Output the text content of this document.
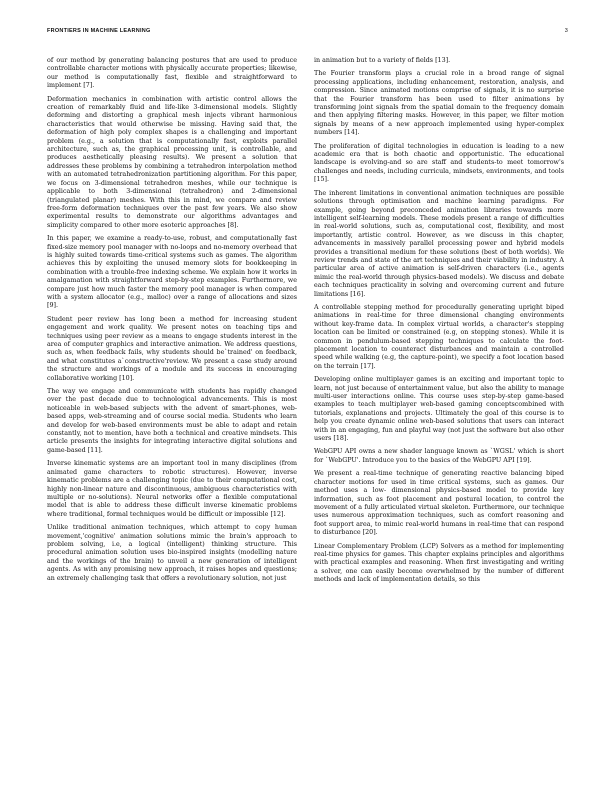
FRONTIERS IN MACHINE LEARNING	3

of our method by generating balancing postures that are used to produce controllable character motions with physically accurate properties; likewise, our method is computationally fast, flexible and straightforward to implement [7].

Deformation mechanics in combination with artistic control allows the creation of remarkably fluid and life-like 3-dimensional models. Slightly deforming and distorting a graphical mesh injects vibrant harmonious characteristics that would otherwise be missing. Having said that, the deformation of high poly complex shapes is a challenging and important problem (e.g., a solution that is computationally fast, exploits parallel architecture, such as, the graphical processing unit, is controllable, and produces aesthetically pleasing results). We present a solution that addresses these problems by combining a tetrahedron interpolation method with an automated tetrahedronization partitioning algorithm. For this paper, we focus on 3-dimensional tetrahedron meshes, while our technique is applicable to both 3-dimensional (tetrahedron) and 2-dimensional (triangulated planar) meshes. With this in mind, we compare and review free-form deformation techniques over the past few years. We also show experimental results to demonstrate our algorithms advantages and simplicity compared to other more esoteric approaches [8].

In this paper, we examine a ready-to-use, robust, and computationally fast fixed-size memory pool manager with no-loops and no-memory overhead that is highly suited towards time-critical systems such as games. The algorithm achieves this by exploiting the unused memory slots for bookkeeping in combination with a trouble-free indexing scheme. We explain how it works in amalgamation with straightforward step-by-step examples. Furthermore, we compare just how much faster the memory pool manager is when compared with a system allocator (e.g., malloc) over a range of allocations and sizes [9].

Student peer review has long been a method for increasing student engagement and work quality. We present notes on teaching tips and techniques using peer review as a means to engage students interest in the area of computer graphics and interactive animation. We address questions, such as, when feedback fails, why students should be`trained' on feedback, and what constitutes a`constructive'review. We present a case study around the structure and workings of a module and its success in encouraging collaborative working [10].

The way we engage and communicate with students has rapidly changed over the past decade due to technological advancements. This is most noticeable in web-based subjects with the advent of smart-phones, web-based apps, web-streaming and of course social media. Students who learn and develop for web-based environments must be able to adapt and retain constantly, not to mention, have both a technical and creative mindsets. This article presents the insights for integrating interactive digital solutions and game-based [11].

Inverse kinematic systems are an important tool in many disciplines (from animated game characters to robotic structures). However, inverse kinematic problems are a challenging topic (due to their computational cost, highly non-linear nature and discontinuous, ambiguous characteristics with multiple or no-solutions). Neural networks offer a flexible computational model that is able to address these difficult inverse kinematic problems where traditional, formal techniques would be difficult or impossible [12].

Unlike traditional animation techniques, which attempt to copy human movement,'cognitive' animation solutions mimic the brain's approach to problem solving, i.e, a logical (intelligent) thinking structure. This procedural animation solution uses bio-inspired insights (modelling nature and the workings of the brain) to unveil a new generation of intelligent agents. As with any promising new approach, it raises hopes and questions; an extremely challenging task that offers a revolutionary solution, not just

in animation but to a variety of fields [13].

The Fourier transform plays a crucial role in a broad range of signal processing applications, including enhancement, restoration, analysis, and compression. Since animated motions comprise of signals, it is no surprise that the Fourier transform has been used to filter animations by transforming joint signals from the spatial domain to the frequency domain and then applying filtering masks. However, in this paper, we filter motion signals by means of a new approach implemented using hyper-complex numbers [14].

The proliferation of digital technologies in education is leading to a new academic era that is both chaotic and opportunistic. The educational landscape is evolving-and so are staff and students-to meet tomorrow's challenges and needs, including curricula, mindsets, environments, and tools [15].

The inherent limitations in conventional animation techniques are possible solutions through optimisation and machine learning paradigms. For example, going beyond preconceded animation libraries towards more intelligent self-learning models. These models present a range of difficulties in real-world solutions, such as, computational cost, flexibility, and most importantly, artistic control. However, as we discuss in this chapter, advancements in massively parallel processing power and hybrid models provides a transitional medium for these solutions (best of both worlds). We review trends and state of the art techniques and their viability in industry. A particular area of active animation is self-driven characters (i.e., agents mimic the real-world through physics-based models). We discuss and debate each techniques practicality in solving and overcoming current and future limitations [16].

A controllable stepping method for procedurally generating upright biped animations in real-time for three dimensional changing environments without key-frame data. In complex virtual worlds, a character's stepping location can be limited or constrained (e.g, on stepping stones). While it is common in pendulum-based stepping techniques to calculate the foot-placement location to counteract disturbances and maintain a controlled speed while walking (e.g, the capture-point), we specify a foot location based on the terrain [17].

Developing online multiplayer games is an exciting and important topic to learn, not just because of entertainment value, but also the ability to manage multi-user interactions online. This course uses step-by-step game-based examples to teach multiplayer web-based gaming conceptscombined with tutorials, explanations and projects. Ultimately the goal of this course is to help you create dynamic online web-based solutions that users can interact with in an engaging, fun and playful way (not just the software but also other users [18].

WebGPU API owns a new shader language known as `WGSL' which is short for `WebGPU'. Introduce you to the basics of the WebGPU API [19].

We present a real-time technique of generating reactive balancing biped character motions for used in time critical systems, such as games. Our method uses a low- dimensional physics-based model to provide key information, such as foot placement and postural location, to control the movement of a fully articulated virtual skeleton. Furthermore, our technique uses numerous approximation techniques, such as comfort reasoning and foot support area, to mimic real-world humans in real-time that can respond to disturbance [20].

Linear Complementary Problem (LCP) Solvers as a method for implementing real-time physics for games. This chapter explains principles and algorithms with practical examples and reasoning. When first investigating and writing a solver, one can easily become overwhelmed by the number of different methods and lack of implementation details, so this
